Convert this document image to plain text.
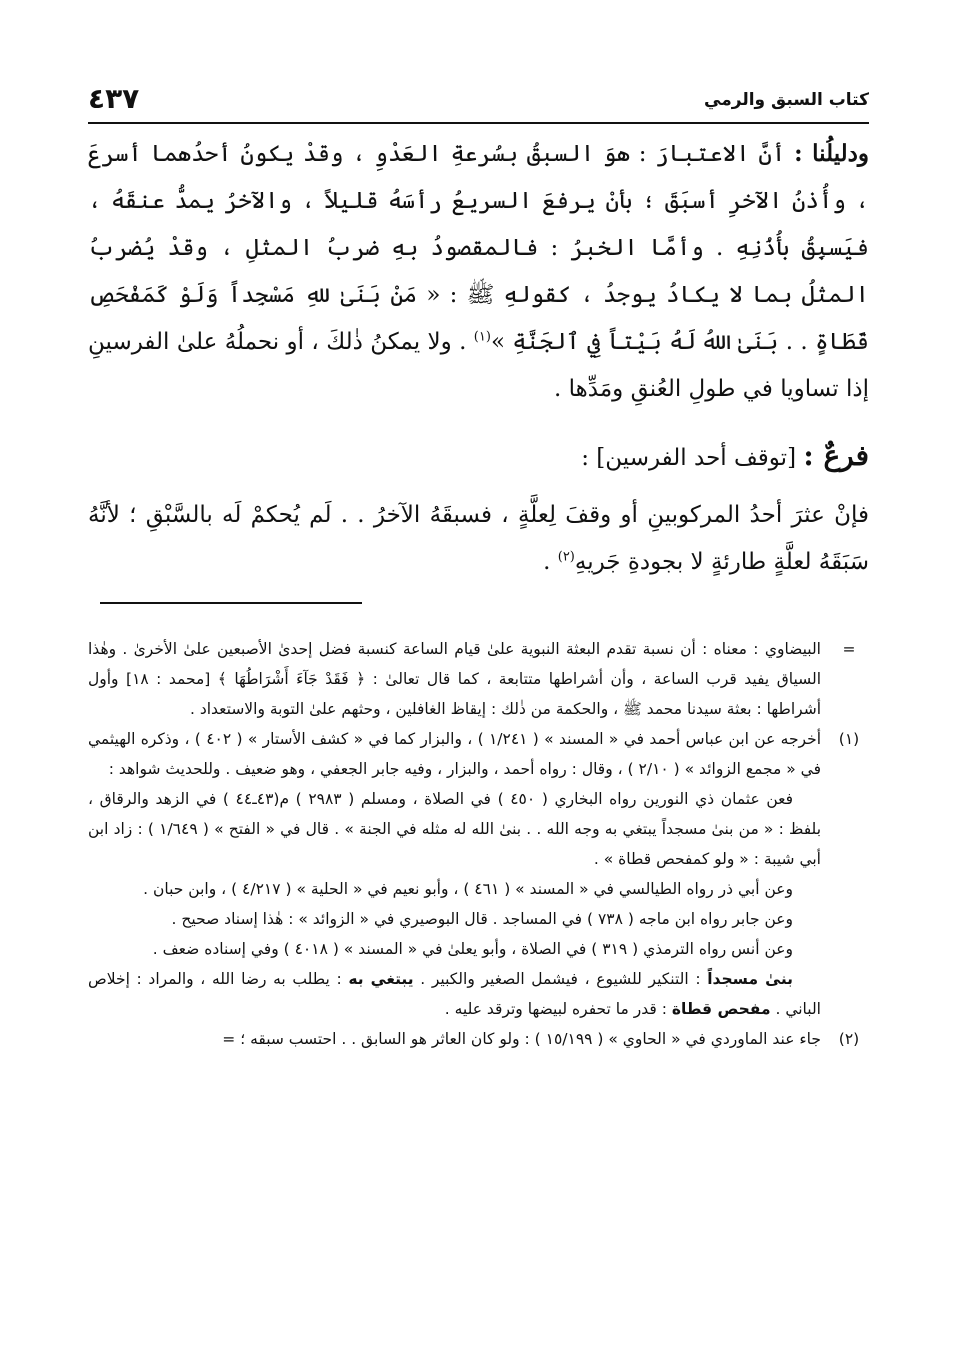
كتاب السبق والرمي
٤٣٧

ودليلُنا : أنَّ الاعتبارَ : هوَ السبقُ بسُرعةِ العَدْوِ ، وقدْ يكونُ أحدُهما أسرعَ ، وأُذنُ الآخرِ أسبَقَ ؛ بأنْ يرفعَ السريعُ رأسَهُ قليلاً ، والآخرُ يمدُّ عنقَهُ ، فيَسبِقُ بأُذُنِهِ . وأمَّا الخبرُ : فالمقصودُ بهِ ضربُ المثلِ ، وقدْ يُضربُ المثلُ بما لا يكادُ يوجدُ ، كقولهِ ﷺ : « مَنْ بَنَىٰ للهِ مَسْجِداً وَلَوْ كَمَفْحَصِ قَطَاةٍ . . بَنَىٰ اللهُ لَهُ بَيْتاً فِي ٱلجَنَّةِ »$^{(١)}$ . ولا يمكنُ ذٰلكَ ، أو نحملُهُ علىٰ الفرسينِ إذا تساويا في طولِ العُنقِ ومَدِّها .

فرعٌ : [توقف أحد الفرسين] :

فإنْ عثرَ أحدُ المركوبينِ أو وقفَ لِعلَّةٍ ، فسبقَهُ الآخرُ . . لَم يُحكمْ لَه بالسَّبْقِ ؛ لأنَّهُ سَبَقَهُ لعلَّةٍ طارئةٍ لا بجودةِ جَريهِ$^{(٢)}$ .

=
البيضاوي : معناه : أن نسبة تقدم البعثة النبوية علىٰ قيام الساعة كنسبة فضل إحدىٰ الأصبعين علىٰ الأخرىٰ . وهٰذا السياق يفيد قرب الساعة ، وأن أشراطها متتابعة ، كما قال تعالىٰ : ﴿ فَقَدْ جَآءَ أَشْرَاطُهَا ﴾ [محمد : ١٨] وأول أشراطها : بعثة سيدنا محمد ﷺ ، والحكمة من ذٰلك : إيقاظ الغافلين ، وحثهم علىٰ التوبة والاستعداد .

(١)
أخرجه عن ابن عباس أحمد في « المسند » ( ١/٢٤١ ) ، والبزار كما في « كشف الأستار » ( ٤٠٢ ) ، وذكره الهيثمي في « مجمع الزوائد » ( ٢/١٠ ) ، وقال : رواه أحمد ، والبزار ، وفيه جابر الجعفي ، وهو ضعيف . وللحديث شواهد :

فعن عثمان ذي النورين رواه البخاري ( ٤٥٠ ) في الصلاة ، ومسلم ( ٢٩٨٣ ) م(٤٣ـ٤٤ ) في الزهد والرقاق ، بلفظ : « من بنىٰ مسجداً يبتغي به وجه الله . . بنىٰ الله له مثله في الجنة » . قال في « الفتح » ( ١/٦٤٩ ) : زاد ابن أبي شيبة : « ولو كمفحص قطاة » .

وعن أبي ذر رواه الطيالسي في « المسند » ( ٤٦١ ) ، وأبو نعيم في « الحلية » ( ٤/٢١٧ ) ، وابن حبان .

وعن جابر رواه ابن ماجه ( ٧٣٨ ) في المساجد . قال البوصيري في « الزوائد » : هٰذا إسناد صحيح .

وعن أنس رواه الترمذي ( ٣١٩ ) في الصلاة ، وأبو يعلىٰ في « المسند » ( ٤٠١٨ ) وفي إسناده ضعف .

بنىٰ مسجداً : التنكير للشيوع ، فيشمل الصغير والكبير . يبتغي به : يطلب به رضا الله ، والمراد : إخلاص الباني . مفحص قطاة : قدر ما تحفره لبيضها وترقد عليه .

(٢)
جاء عند الماوردي في « الحاوي » ( ١٥/١٩٩ ) : ولو كان العاثر هو السابق . . احتسب سبقه ؛ =
